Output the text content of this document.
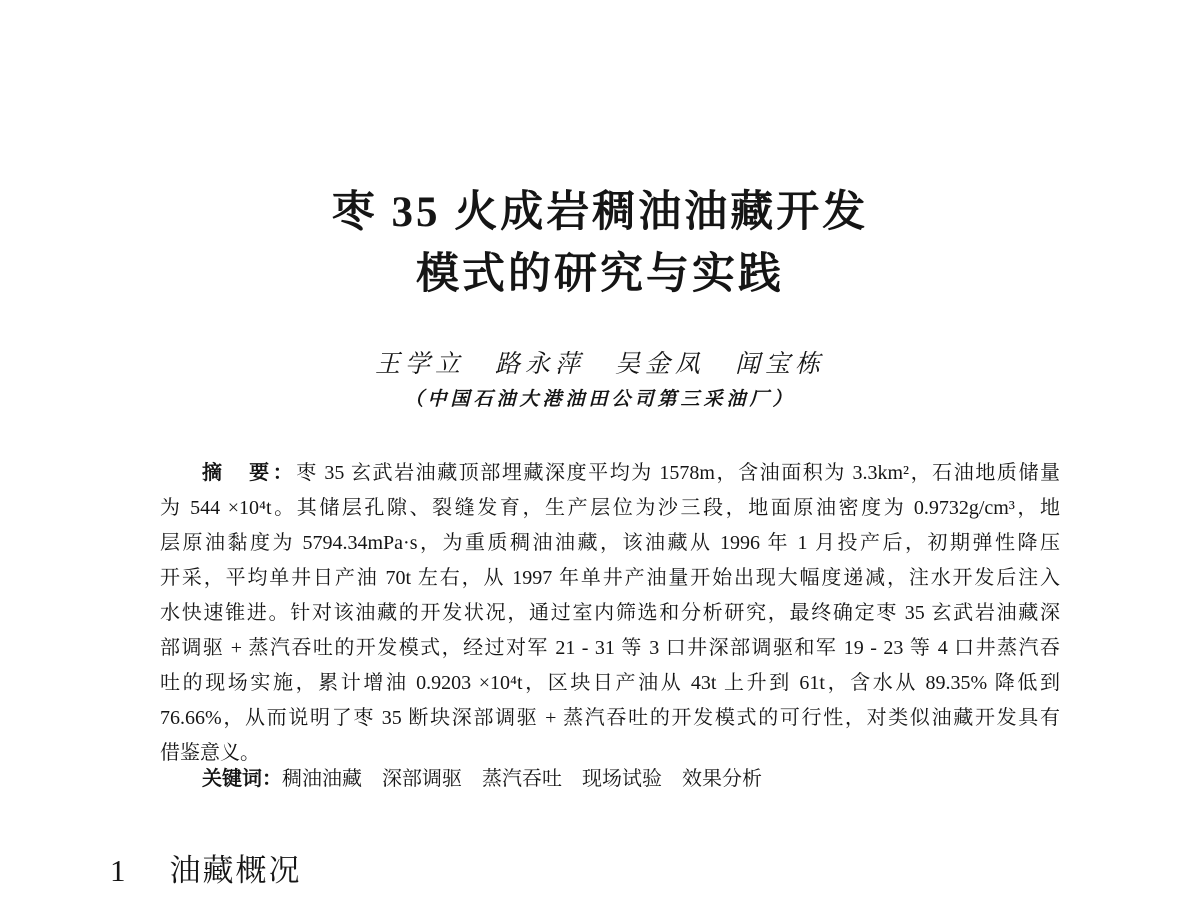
枣 35 火成岩稠油油藏开发
模式的研究与实践
王学立　路永萍　吴金凤　闻宝栋
（中国石油大港油田公司第三采油厂）
摘　要：枣 35 玄武岩油藏顶部埋藏深度平均为 1578m，含油面积为 3.3km²，石油地质储量
为 544 ×10⁴t。其储层孔隙、裂缝发育，生产层位为沙三段，地面原油密度为 0.9732g/cm³，地
层原油黏度为 5794.34mPa·s，为重质稠油油藏，该油藏从 1996 年 1 月投产后，初期弹性降压
开采，平均单井日产油 70t 左右，从 1997 年单井产油量开始出现大幅度递减，注水开发后注入
水快速锥进。针对该油藏的开发状况，通过室内筛选和分析研究，最终确定枣 35 玄武岩油藏深
部调驱 + 蒸汽吞吐的开发模式，经过对军 21 - 31 等 3 口井深部调驱和军 19 - 23 等 4 口井蒸汽吞
吐的现场实施，累计增油 0.9203 ×10⁴t，区块日产油从 43t 上升到 61t，含水从 89.35% 降低到
76.66%，从而说明了枣 35 断块深部调驱 + 蒸汽吞吐的开发模式的可行性，对类似油藏开发具有
借鉴意义。
关键词：稠油油藏　深部调驱　蒸汽吞吐　现场试验　效果分析
1 油藏概况
